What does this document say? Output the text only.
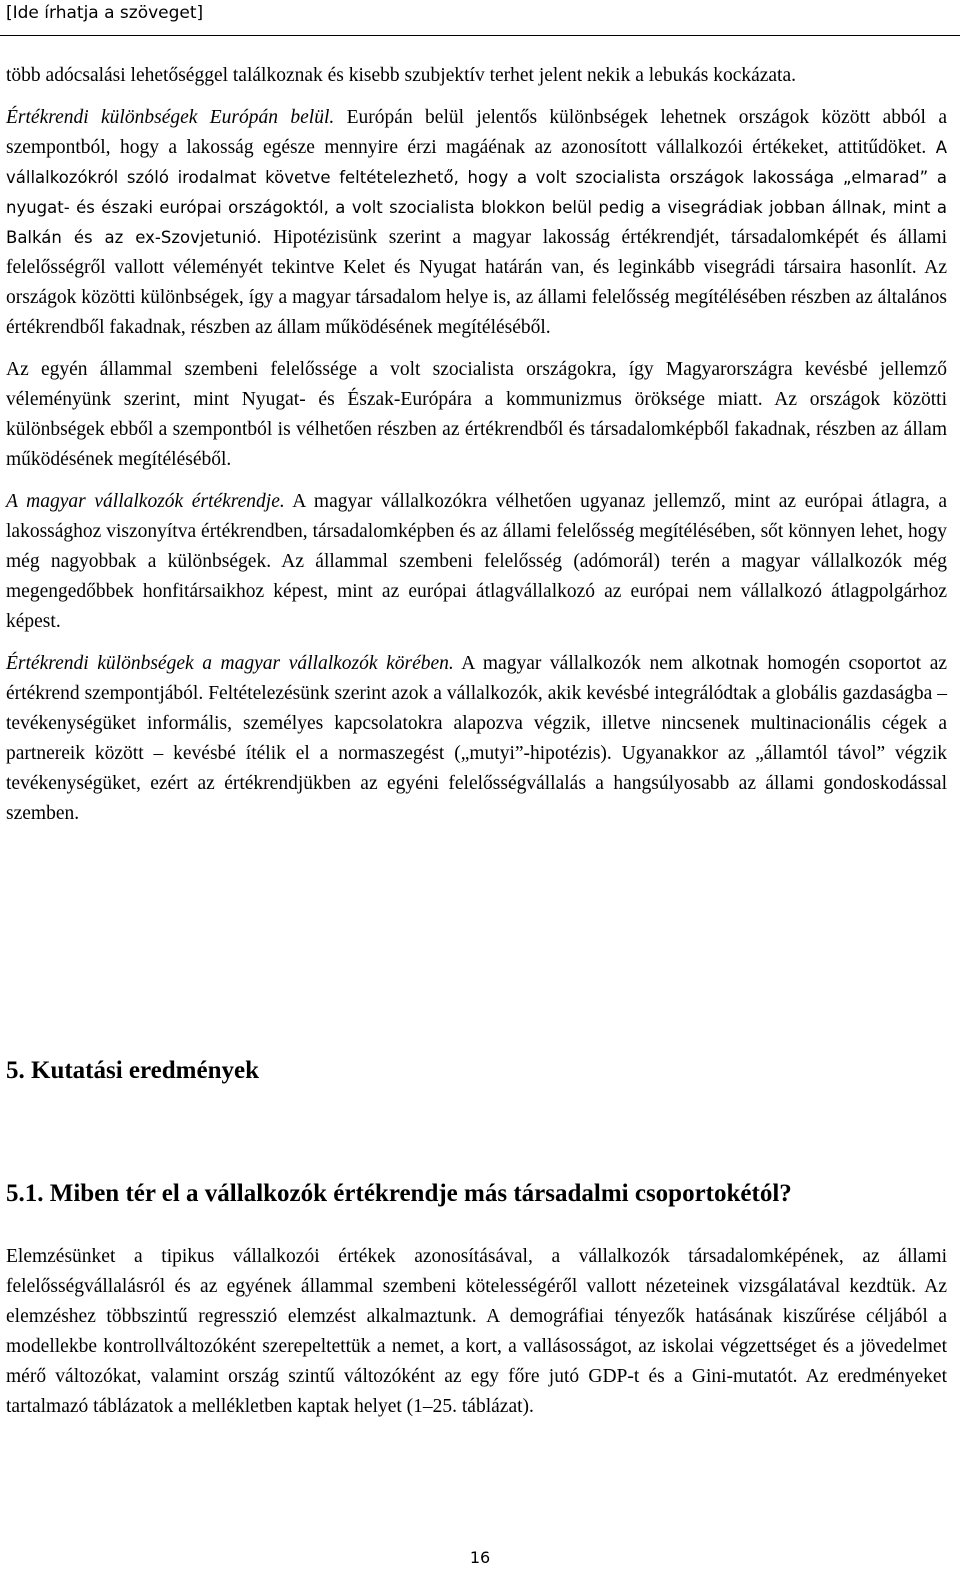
[Ide írhatja a szöveget]

több adócsalási lehetőséggel találkoznak és kisebb szubjektív terhet jelent nekik a lebukás kockázata.

Értékrendi különbségek Európán belül. Európán belül jelentős különbségek lehetnek országok között abból a szempontból, hogy a lakosság egésze mennyire érzi magáénak az azonosított vállalkozói értékeket, attitűdöket. A vállalkozókról szóló irodalmat követve feltételezhető, hogy a volt szocialista országok lakossága „elmarad” a nyugat- és északi európai országoktól, a volt szocialista blokkon belül pedig a visegrádiak jobban állnak, mint a Balkán és az ex-Szovjetunió. Hipotézisünk szerint a magyar lakosság értékrendjét, társadalomképét és állami felelősségről vallott véleményét tekintve Kelet és Nyugat határán van, és leginkább visegrádi társaira hasonlít. Az országok közötti különbségek, így a magyar társadalom helye is, az állami felelősség megítélésében részben az általános értékrendből fakadnak, részben az állam működésének megítéléséből.

Az egyén állammal szembeni felelőssége a volt szocialista országokra, így Magyarországra kevésbé jellemző véleményünk szerint, mint Nyugat- és Észak-Európára a kommunizmus öröksége miatt. Az országok közötti különbségek ebből a szempontból is vélhetően részben az értékrendből és társadalomképből fakadnak, részben az állam működésének megítéléséből.

A magyar vállalkozók értékrendje. A magyar vállalkozókra vélhetően ugyanaz jellemző, mint az európai átlagra, a lakossághoz viszonyítva értékrendben, társadalomképben és az állami felelősség megítélésében, sőt könnyen lehet, hogy még nagyobbak a különbségek. Az állammal szembeni felelősség (adómorál) terén a magyar vállalkozók még megengedőbbek honfitársaikhoz képest, mint az európai átlagvállalkozó az európai nem vállalkozó átlagpolgárhoz képest.

Értékrendi különbségek a magyar vállalkozók körében. A magyar vállalkozók nem alkotnak homogén csoportot az értékrend szempontjából. Feltételezésünk szerint azok a vállalkozók, akik kevésbé integrálódtak a globális gazdaságba – tevékenységüket informális, személyes kapcsolatokra alapozva végzik, illetve nincsenek multinacionális cégek a partnereik között – kevésbé ítélik el a normaszegést („mutyi”-hipotézis). Ugyanakkor az „államtól távol” végzik tevékenységüket, ezért az értékrendjükben az egyéni felelősségvállalás a hangsúlyosabb az állami gondoskodással szemben.

5. Kutatási eredmények
5.1. Miben tér el a vállalkozók értékrendje más társadalmi csoportokétól?

Elemzésünket a tipikus vállalkozói értékek azonosításával, a vállalkozók társadalomképének, az állami felelősségvállalásról és az egyének állammal szembeni kötelességéről vallott nézeteinek vizsgálatával kezdtük. Az elemzéshez többszintű regresszió elemzést alkalmaztunk. A demográfiai tényezők hatásának kiszűrése céljából a modellekbe kontrollváltozóként szerepeltettük a nemet, a kort, a vallásosságot, az iskolai végzettséget és a jövedelmet mérő változókat, valamint ország szintű változóként az egy főre jutó GDP-t és a Gini-mutatót. Az eredményeket tartalmazó táblázatok a mellékletben kaptak helyet (1–25. táblázat).

16
